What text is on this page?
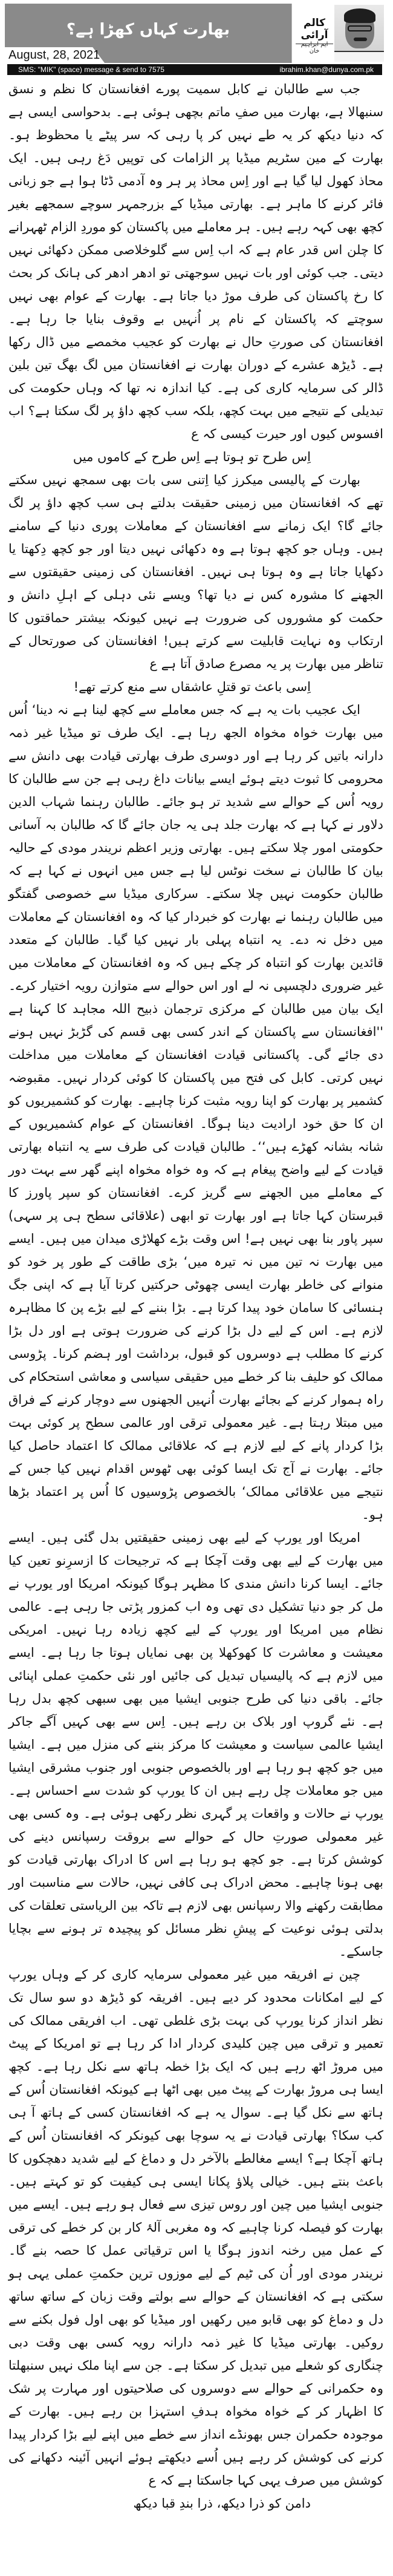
بھارت کہاں کھڑا ہے؟
August, 28, 2021
کالم آرائی
ایم ابراہیم خان
SMS: "MIK" (space) message & send to 7575	ibrahim.khan@dunya.com.pk

جب سے طالبان نے کابل سمیت پورے افغانستان کا نظم و نسق سنبھالا ہے، بھارت میں صفِ ماتم بچھی ہوئی ہے۔ بدحواسی ایسی ہے کہ دنیا دیکھ کر یہ طے نہیں کر پا رہی کہ سر پیٹے یا محظوظ ہو۔ بھارت کے مین سٹریم میڈیا پر الزامات کی توپیں دَغ رہی ہیں۔ ایک محاذ کھول لیا گیا ہے اور اِس محاذ پر ہر وہ آدمی ڈٹا ہوا ہے جو زبانی فائر کرنے کا ماہر ہے۔ بھارتی میڈیا کے بزرجمہر سوچے سمجھے بغیر کچھ بھی کہہ رہے ہیں۔ ہر معاملے میں پاکستان کو موردِ الزام ٹھہرانے کا چلن اس قدر عام ہے کہ اب اِس سے گلوخلاصی ممکن دکھائی نہیں دیتی۔ جب کوئی اور بات نہیں سوجھتی تو ادھر ادھر کی ہانک کر بحث کا رخ پاکستان کی طرف موڑ دیا جاتا ہے۔ بھارت کے عوام بھی نہیں سوچتے کہ پاکستان کے نام پر اُنہیں بے وقوف بنایا جا رہا ہے۔ افغانستان کی صورتِ حال نے بھارت کو عجیب مخمصے میں ڈال رکھا ہے۔ ڈیڑھ عشرے کے دوران بھارت نے افغانستان میں لگ بھگ تین بلین ڈالر کی سرمایہ کاری کی ہے۔ کیا اندازہ نہ تھا کہ وہاں حکومت کی تبدیلی کے نتیجے میں بہت کچھ، بلکہ سب کچھ داؤ پر لگ سکتا ہے؟ اب افسوس کیوں اور حیرت کیسی کہ ع

اِس طرح تو ہوتا ہے اِس طرح کے کاموں میں

بھارت کے پالیسی میکرز کیا اِتنی سی بات بھی سمجھ نہیں سکتے تھے کہ افغانستان میں زمینی حقیقت بدلتے ہی سب کچھ داؤ پر لگ جائے گا؟ ایک زمانے سے افغانستان کے معاملات پوری دنیا کے سامنے ہیں۔ وہاں جو کچھ ہوتا ہے وہ دکھائی نہیں دیتا اور جو کچھ دِکھتا یا دکھایا جاتا ہے وہ ہوتا ہی نہیں۔ افغانستان کی زمینی حقیقتوں سے الجھنے کا مشورہ کس نے دیا تھا؟ ویسے نئی دہلی کے اہلِ دانش و حکمت کو مشوروں کی ضرورت ہے نہیں کیونکہ بیشتر حماقتوں کا ارتکاب وہ نہایت قابلیت سے کرتے ہیں! افغانستان کی صورتحال کے تناظر میں بھارت پر یہ مصرع صادق آتا ہے ع

اِسی باعث تو قتلِ عاشقاں سے منع کرتے تھے!

ایک عجیب بات یہ ہے کہ جس معاملے سے کچھ لینا ہے نہ دینا‘ اُس میں بھارت خواہ مخواہ الجھ رہا ہے۔ ایک طرف تو میڈیا غیر ذمہ دارانہ باتیں کر رہا ہے اور دوسری طرف بھارتی قیادت بھی دانش سے محرومی کا ثبوت دیتے ہوئے ایسے بیانات داغ رہی ہے جن سے طالبان کا رویہ اُس کے حوالے سے شدید تر ہو جائے۔ طالبان رہنما شہاب الدین دلاور نے کہا ہے کہ بھارت جلد ہی یہ جان جائے گا کہ طالبان بہ آسانی حکومتی امور چلا سکتے ہیں۔ بھارتی وزیر اعظم نریندر مودی کے حالیہ بیان کا طالبان نے سخت نوٹس لیا ہے جس میں انہوں نے کہا ہے کہ طالبان حکومت نہیں چلا سکتے۔ سرکاری میڈیا سے خصوصی گفتگو میں طالبان رہنما نے بھارت کو خبردار کیا کہ وہ افغانستان کے معاملات میں دخل نہ دے۔ یہ انتباہ پہلی بار نہیں کیا گیا۔ طالبان کے متعدد قائدین بھارت کو انتباہ کر چکے ہیں کہ وہ افغانستان کے معاملات میں غیر ضروری دلچسپی نہ لے اور اس حوالے سے متوازن رویہ اختیار کرے۔ ایک بیان میں طالبان کے مرکزی ترجمان ذبیح اللہ مجاہد کا کہنا ہے ''افغانستان سے پاکستان کے اندر کسی بھی قسم کی گڑبڑ نہیں ہونے دی جائے گی۔ پاکستانی قیادت افغانستان کے معاملات میں مداخلت نہیں کرتی۔ کابل کی فتح میں پاکستان کا کوئی کردار نہیں۔ مقبوضہ کشمیر پر بھارت کو اپنا رویہ مثبت کرنا چاہیے۔ بھارت کو کشمیریوں کو ان کا حق خود ارادیت دینا ہوگا۔ افغانستان کے عوام کشمیریوں کے شانہ بشانہ کھڑے ہیں‘‘۔ طالبان قیادت کی طرف سے یہ انتباہ بھارتی قیادت کے لیے واضح پیغام ہے کہ وہ خواہ مخواہ اپنے گھر سے بہت دور کے معاملے میں الجھنے سے گریز کرے۔ افغانستان کو سپر پاورز کا قبرستان کہا جاتا ہے اور بھارت تو ابھی (علاقائی سطح ہی پر سہی) سپر پاور بنا بھی نہیں ہے! اس وقت بڑے کھلاڑی میدان میں ہیں۔ ایسے میں بھارت نہ تین میں نہ تیرہ میں‘ بڑی طاقت کے طور پر خود کو منوانے کی خاطر بھارت ایسی چھوٹی حرکتیں کرتا آیا ہے کہ اپنی جگ ہنسائی کا سامان خود پیدا کرتا ہے۔ بڑا بننے کے لیے بڑے پن کا مظاہرہ لازم ہے۔ اس کے لیے دل بڑا کرنے کی ضرورت ہوتی ہے اور دل بڑا کرنے کا مطلب ہے دوسروں کو قبول، برداشت اور ہضم کرنا۔ پڑوسی ممالک کو حلیف بنا کر خطے میں حقیقی سیاسی و معاشی استحکام کی راہ ہموار کرنے کے بجائے بھارت اُنہیں الجھنوں سے دوچار کرنے کے فراق میں مبتلا رہتا ہے۔ غیر معمولی ترقی اور عالمی سطح پر کوئی بہت بڑا کردار پانے کے لیے لازم ہے کہ علاقائی ممالک کا اعتماد حاصل کیا جائے۔ بھارت نے آج تک ایسا کوئی بھی ٹھوس اقدام نہیں کیا جس کے نتیجے میں علاقائی ممالک‘ بالخصوص پڑوسیوں کا اُس پر اعتماد بڑھا ہو۔

امریکا اور یورپ کے لیے بھی زمینی حقیقتیں بدل گئی ہیں۔ ایسے میں بھارت کے لیے بھی وقت آچکا ہے کہ ترجیحات کا ازسرِنو تعین کیا جائے۔ ایسا کرنا دانش مندی کا مظہر ہوگا کیونکہ امریکا اور یورپ نے مل کر جو دنیا تشکیل دی تھی وہ اب کمزور پڑتی جا رہی ہے۔ عالمی نظام میں امریکا اور یورپ کے لیے کچھ زیادہ رہا نہیں۔ امریکی معیشت و معاشرت کا کھوکھلا پن بھی نمایاں ہوتا جا رہا ہے۔ ایسے میں لازم ہے کہ پالیسیاں تبدیل کی جائیں اور نئی حکمتِ عملی اپنائی جائے۔ باقی دنیا کی طرح جنوبی ایشیا میں بھی سبھی کچھ بدل رہا ہے۔ نئے گروپ اور بلاک بن رہے ہیں۔ اِس سے بھی کہیں آگے جاکر ایشیا عالمی سیاست و معیشت کا مرکز بننے کی منزل میں ہے۔ ایشیا میں جو کچھ ہو رہا ہے اور بالخصوص جنوبی اور جنوب مشرقی ایشیا میں جو معاملات چل رہے ہیں ان کا یورپ کو شدت سے احساس ہے۔ یورپ نے حالات و واقعات پر گہری نظر رکھی ہوئی ہے۔ وہ کسی بھی غیر معمولی صورتِ حال کے حوالے سے بروقت رسپانس دینے کی کوشش کرتا ہے۔ جو کچھ ہو رہا ہے اس کا ادراک بھارتی قیادت کو بھی ہونا چاہیے۔ محض ادراک ہی کافی نہیں، حالات سے مناسبت اور مطابقت رکھنے والا رسپانس بھی لازم ہے تاکہ بین الریاستی تعلقات کی بدلتی ہوئی نوعیت کے پیشِ نظر مسائل کو پیچیدہ تر ہونے سے بچایا جاسکے۔

چین نے افریقہ میں غیر معمولی سرمایہ کاری کر کے وہاں یورپ کے لیے امکانات محدود کر دیے ہیں۔ افریقہ کو ڈیڑھ دو سو سال تک نظر انداز کرنا یورپ کی بہت بڑی غلطی تھی۔ اب افریقی ممالک کی تعمیر و ترقی میں چین کلیدی کردار ادا کر رہا ہے تو امریکا کے پیٹ میں مروڑ اٹھ رہے ہیں کہ ایک بڑا خطہ ہاتھ سے نکل رہا ہے۔ کچھ ایسا ہی مروڑ بھارت کے پیٹ میں بھی اٹھا ہے کیونکہ افغانستان اُس کے ہاتھ سے نکل گیا ہے۔ سوال یہ ہے کہ افغانستان کسی کے ہاتھ آ ہی کب سکا؟ بھارتی قیادت نے یہ سوچا بھی کیونکر کہ افغانستان اُس کے ہاتھ آچکا ہے؟ ایسے مغالطے بالآخر دل و دماغ کے لیے شدید دھچکوں کا باعث بنتے ہیں۔ خیالی پلاؤ پکانا ایسی ہی کیفیت کو تو کہتے ہیں۔ جنوبی ایشیا میں چین اور روس تیزی سے فعال ہو رہے ہیں۔ ایسے میں بھارت کو فیصلہ کرنا چاہیے کہ وہ مغربی آلۂ کار بن کر خطے کی ترقی کے عمل میں رخنہ اندوز ہوگا یا اس ترقیاتی عمل کا حصہ بنے گا۔ نریندر مودی اور اُن کی ٹیم کے لیے موزوں ترین حکمتِ عملی یہی ہو سکتی ہے کہ افغانستان کے حوالے سے بولتے وقت زبان کے ساتھ ساتھ دل و دماغ کو بھی قابو میں رکھیں اور میڈیا کو بھی اول فول بکنے سے روکیں۔ بھارتی میڈیا کا غیر ذمہ دارانہ رویہ کسی بھی وقت دبی چنگاری کو شعلے میں تبدیل کر سکتا ہے۔ جن سے اپنا ملک نہیں سنبھلتا وہ حکمرانی کے حوالے سے دوسروں کی صلاحیتوں اور مہارت پر شک کا اظہار کر کے خواہ مخواہ ہدفِ استہزا بن رہے ہیں۔ بھارت کے موجودہ حکمران جس بھونڈے انداز سے خطے میں اپنے لیے بڑا کردار پیدا کرنے کی کوشش کر رہے ہیں اُسے دیکھتے ہوئے انہیں آئینہ دکھانے کی کوشش میں صرف یہی کہا جاسکتا ہے کہ ع

دامن کو ذرا دیکھ، ذرا بندِ قبا دیکھ
